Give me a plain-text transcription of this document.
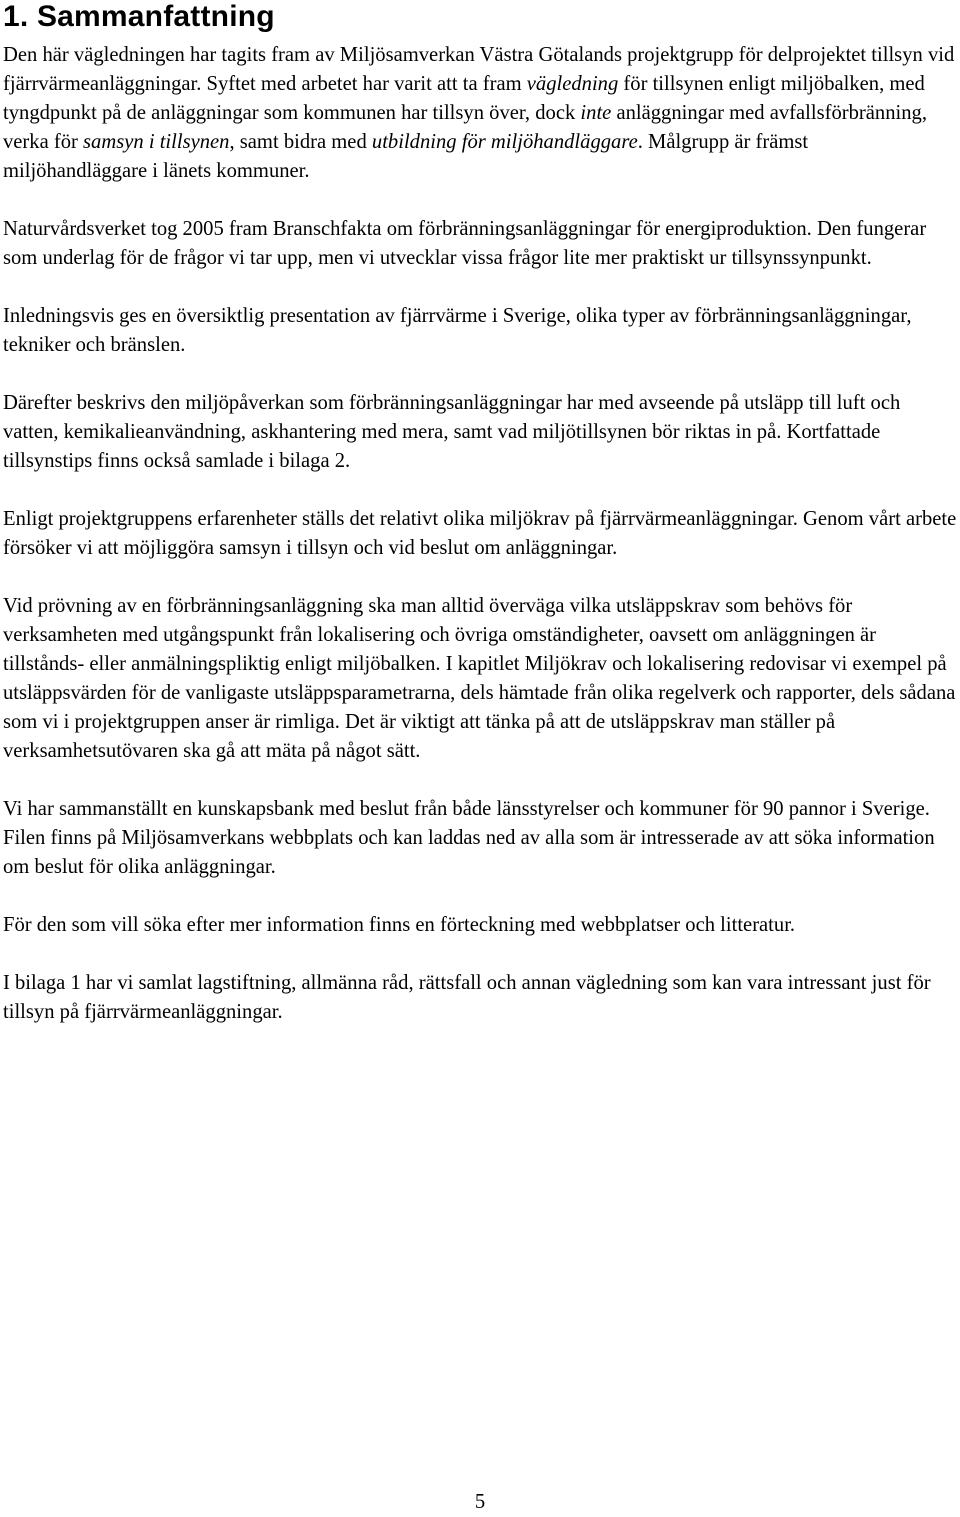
1. Sammanfattning

Den här vägledningen har tagits fram av Miljösamverkan Västra Götalands projektgrupp för delprojektet tillsyn vid fjärrvärmeanläggningar. Syftet med arbetet har varit att ta fram vägledning för tillsynen enligt miljöbalken, med tyngdpunkt på de anläggningar som kommunen har tillsyn över, dock inte anläggningar med avfallsförbränning, verka för samsyn i tillsynen, samt bidra med utbildning för miljöhandläggare. Målgrupp är främst miljöhandläggare i länets kommuner.

Naturvårdsverket tog 2005 fram Branschfakta om förbränningsanläggningar för energiproduktion. Den fungerar som underlag för de frågor vi tar upp, men vi utvecklar vissa frågor lite mer praktiskt ur tillsynssynpunkt.

Inledningsvis ges en översiktlig presentation av fjärrvärme i Sverige, olika typer av förbränningsanläggningar, tekniker och bränslen.

Därefter beskrivs den miljöpåverkan som förbränningsanläggningar har med avseende på utsläpp till luft och vatten, kemikalieanvändning, askhantering med mera, samt vad miljötillsynen bör riktas in på. Kortfattade tillsynstips finns också samlade i bilaga 2.

Enligt projektgruppens erfarenheter ställs det relativt olika miljökrav på fjärrvärmeanläggningar. Genom vårt arbete försöker vi att möjliggöra samsyn i tillsyn och vid beslut om anläggningar.

Vid prövning av en förbränningsanläggning ska man alltid överväga vilka utsläppskrav som behövs för verksamheten med utgångspunkt från lokalisering och övriga omständigheter, oavsett om anläggningen är tillstånds- eller anmälningspliktig enligt miljöbalken. I kapitlet Miljökrav och lokalisering redovisar vi exempel på utsläppsvärden för de vanligaste utsläppsparametrarna, dels hämtade från olika regelverk och rapporter, dels sådana som vi i projektgruppen anser är rimliga. Det är viktigt att tänka på att de utsläppskrav man ställer på verksamhetsutövaren ska gå att mäta på något sätt.

Vi har sammanställt en kunskapsbank med beslut från både länsstyrelser och kommuner för 90 pannor i Sverige. Filen finns på Miljösamverkans webbplats och kan laddas ned av alla som är intresserade av att söka information om beslut för olika anläggningar.

För den som vill söka efter mer information finns en förteckning med webbplatser och litteratur.

I bilaga 1 har vi samlat lagstiftning, allmänna råd, rättsfall och annan vägledning som kan vara intressant just för tillsyn på fjärrvärmeanläggningar.

5
